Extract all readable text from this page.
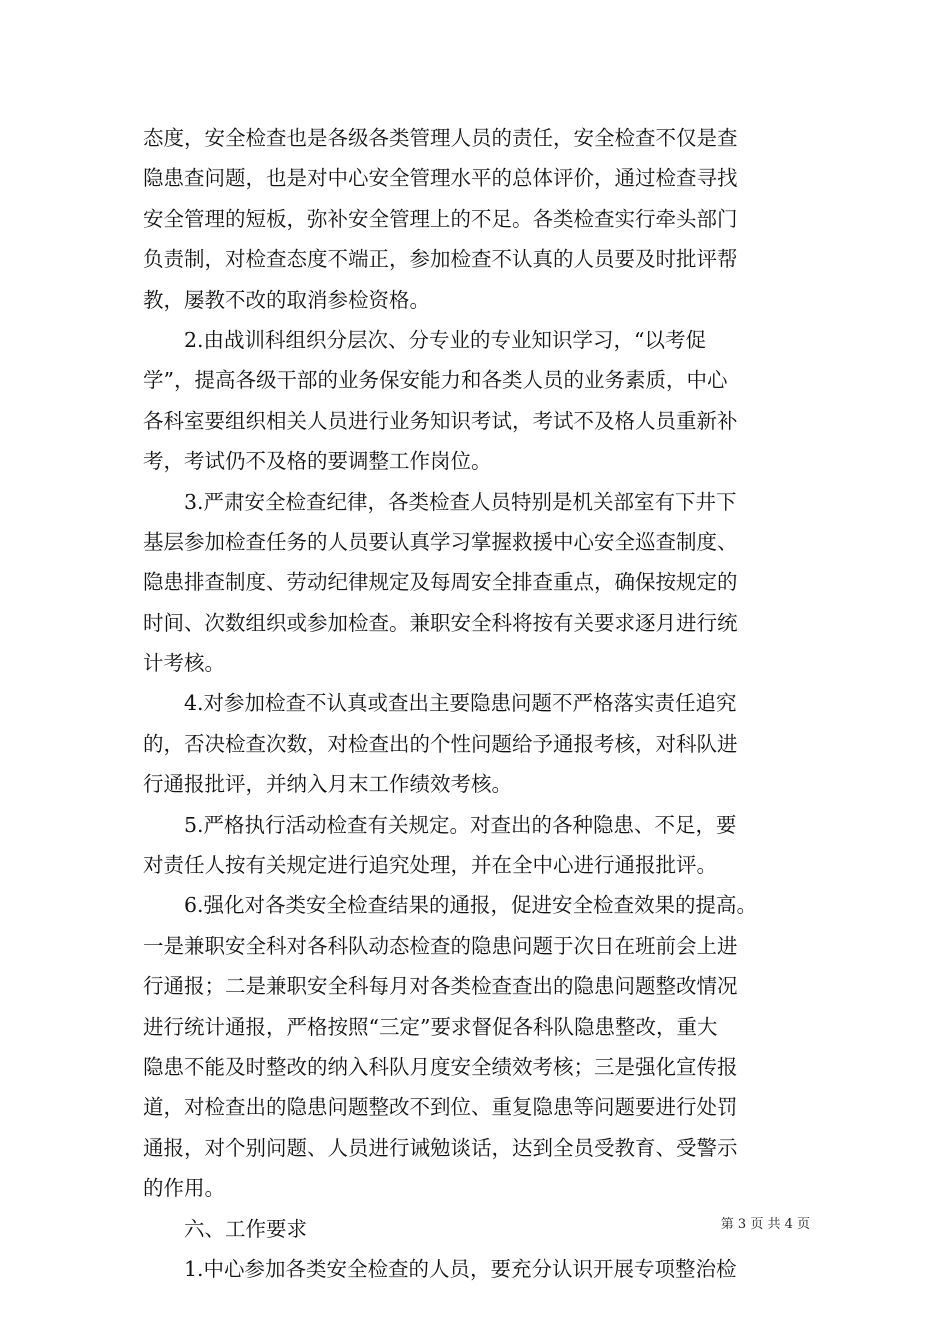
态度，安全检查也是各级各类管理人员的责任，安全检查不仅是查
隐患查问题，也是对中心安全管理水平的总体评价，通过检查寻找
安全管理的短板，弥补安全管理上的不足。各类检查实行牵头部门
负责制，对检查态度不端正，参加检查不认真的人员要及时批评帮
教，屡教不改的取消参检资格。
　　2.由战训科组织分层次、分专业的专业知识学习，“以考促
学”，提高各级干部的业务保安能力和各类人员的业务素质，中心
各科室要组织相关人员进行业务知识考试，考试不及格人员重新补
考，考试仍不及格的要调整工作岗位。
　　3.严肃安全检查纪律，各类检查人员特别是机关部室有下井下
基层参加检查任务的人员要认真学习掌握救援中心安全巡查制度、
隐患排查制度、劳动纪律规定及每周安全排查重点，确保按规定的
时间、次数组织或参加检查。兼职安全科将按有关要求逐月进行统
计考核。
　　4.对参加检查不认真或查出主要隐患问题不严格落实责任追究
的，否决检查次数，对检查出的个性问题给予通报考核，对科队进
行通报批评，并纳入月末工作绩效考核。
　　5.严格执行活动检查有关规定。对查出的各种隐患、不足，要
对责任人按有关规定进行追究处理，并在全中心进行通报批评。
　　6.强化对各类安全检查结果的通报，促进安全检查效果的提高。
一是兼职安全科对各科队动态检查的隐患问题于次日在班前会上进
行通报；二是兼职安全科每月对各类检查查出的隐患问题整改情况
进行统计通报，严格按照“三定”要求督促各科队隐患整改，重大
隐患不能及时整改的纳入科队月度安全绩效考核；三是强化宣传报
道，对检查出的隐患问题整改不到位、重复隐患等问题要进行处罚
通报，对个别问题、人员进行诫勉谈话，达到全员受教育、受警示
的作用。
　　六、工作要求
　　1.中心参加各类安全检查的人员，要充分认识开展专项整治检
第 3 页 共 4 页
